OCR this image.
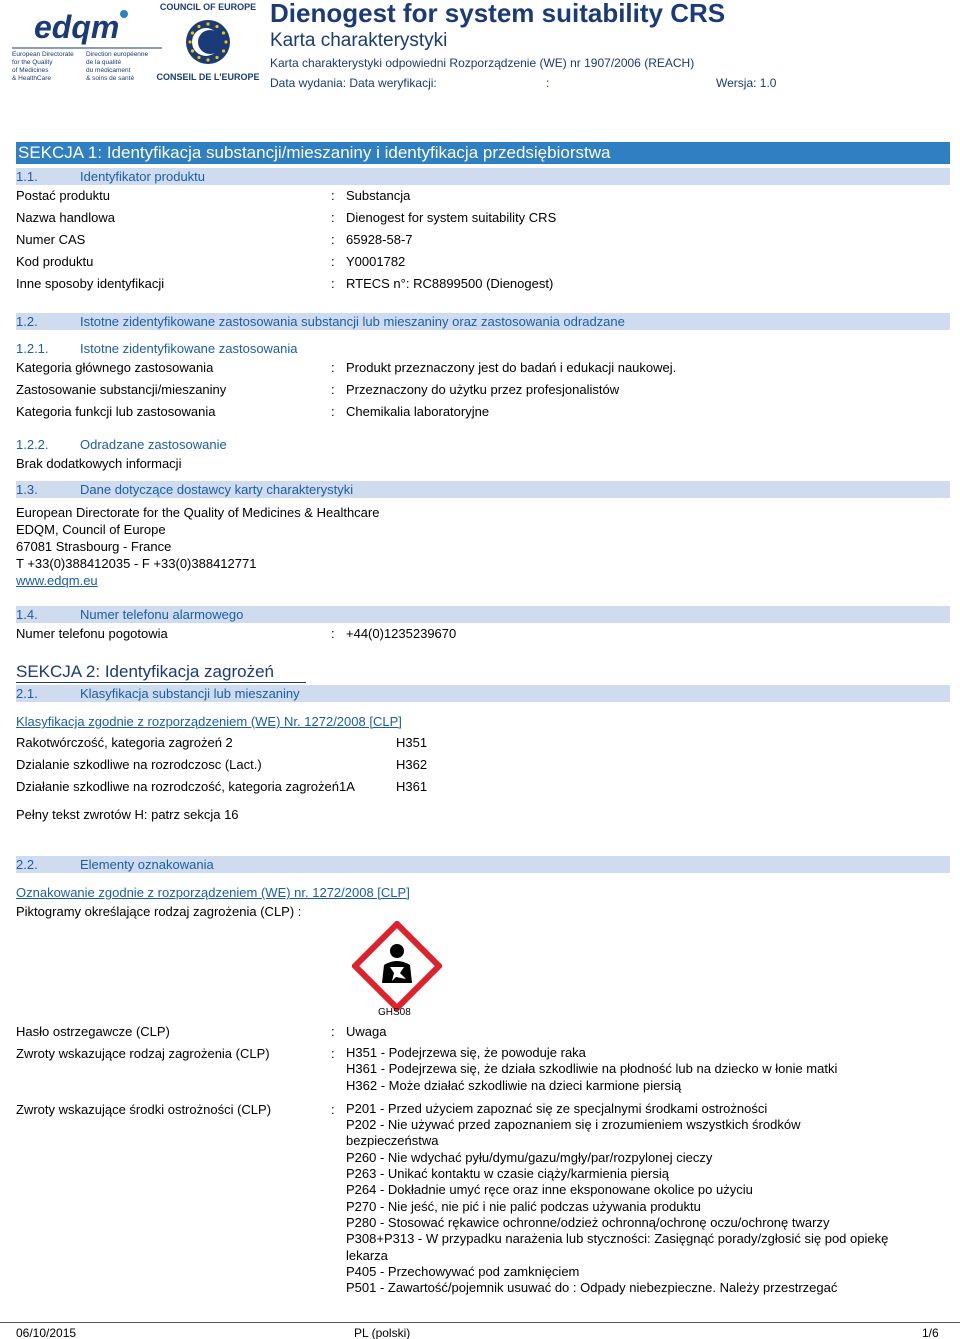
edqm
European Directorate
for the Quality
of Medicines
& HealthCare
Direction européenne
de la qualité
du médicament
& soins de santé
COUNCIL OF EUROPE
CONSEIL DE L'EUROPE
Dienogest for system suitability CRS
Karta charakterystyki
Karta charakterystyki odpowiedni Rozporządzenie (WE) nr 1907/2006 (REACH)
Data wydania: Data weryfikacji:	:	Wersja: 1.0
SEKCJA 1: Identyfikacja substancji/mieszaniny i identyfikacja przedsiębiorstwa
1.1.	Identyfikator produktu
Postać produktu	: Substancja
Nazwa handlowa	: Dienogest for system suitability CRS
Numer CAS	: 65928-58-7
Kod produktu	: Y0001782
Inne sposoby identyfikacji	: RTECS n°: RC8899500 (Dienogest)
1.2.	Istotne zidentyfikowane zastosowania substancji lub mieszaniny oraz zastosowania odradzane
1.2.1.	Istotne zidentyfikowane zastosowania
Kategoria głównego zastosowania	: Produkt przeznaczony jest do badań i edukacji naukowej.
Zastosowanie substancji/mieszaniny	: Przeznaczony do użytku przez profesjonalistów
Kategoria funkcji lub zastosowania	: Chemikalia laboratoryjne
1.2.2.	Odradzane zastosowanie
Brak dodatkowych informacji
1.3.	Dane dotyczące dostawcy karty charakterystyki
European Directorate for the Quality of Medicines & Healthcare
EDQM, Council of Europe
67081 Strasbourg - France
T +33(0)388412035 - F +33(0)388412771
www.edqm.eu
1.4.	Numer telefonu alarmowego
Numer telefonu pogotowia	: +44(0)1235239670
SEKCJA 2: Identyfikacja zagrożeń
2.1.	Klasyfikacja substancji lub mieszaniny
Klasyfikacja zgodnie z rozporządzeniem (WE) Nr. 1272/2008 [CLP]
Rakotwórczość, kategoria zagrożeń 2	H351
Dzialanie szkodliwe na rozrodczosc (Lact.)	H362
Działanie szkodliwe na rozrodczość, kategoria zagrożeń1A	H361
Pełny tekst zwrotów H: patrz sekcja 16
2.2.	Elementy oznakowania
Oznakowanie zgodnie z rozporządzeniem (WE) nr. 1272/2008 [CLP]
Piktogramy określające rodzaj zagrożenia (CLP) :
GHS08
Hasło ostrzegawcze (CLP)	: Uwaga
Zwroty wskazujące rodzaj zagrożenia (CLP)	: H351 - Podejrzewa się, że powoduje raka
H361 - Podejrzewa się, że działa szkodliwie na płodność lub na dziecko w łonie matki
H362 - Może działać szkodliwie na dzieci karmione piersią
Zwroty wskazujące środki ostrożności (CLP)	: P201 - Przed użyciem zapoznać się ze specjalnymi środkami ostrożności
P202 - Nie używać przed zapoznaniem się i zrozumieniem wszystkich środków
bezpieczeństwa
P260 - Nie wdychać pyłu/dymu/gazu/mgły/par/rozpylonej cieczy
P263 - Unikać kontaktu w czasie ciąży/karmienia piersią
P264 - Dokładnie umyć ręce oraz inne eksponowane okolice po użyciu
P270 - Nie jeść, nie pić i nie palić podczas używania produktu
P280 - Stosować rękawice ochronne/odzież ochronną/ochronę oczu/ochronę twarzy
P308+P313 - W przypadku narażenia lub styczności: Zasięgnąć porady/zgłosić się pod opiekę
lekarza
P405 - Przechowywać pod zamknięciem
P501 - Zawartość/pojemnik usuwać do : Odpady niebezpieczne. Należy przestrzegać
06/10/2015	PL (polski)	1/6
